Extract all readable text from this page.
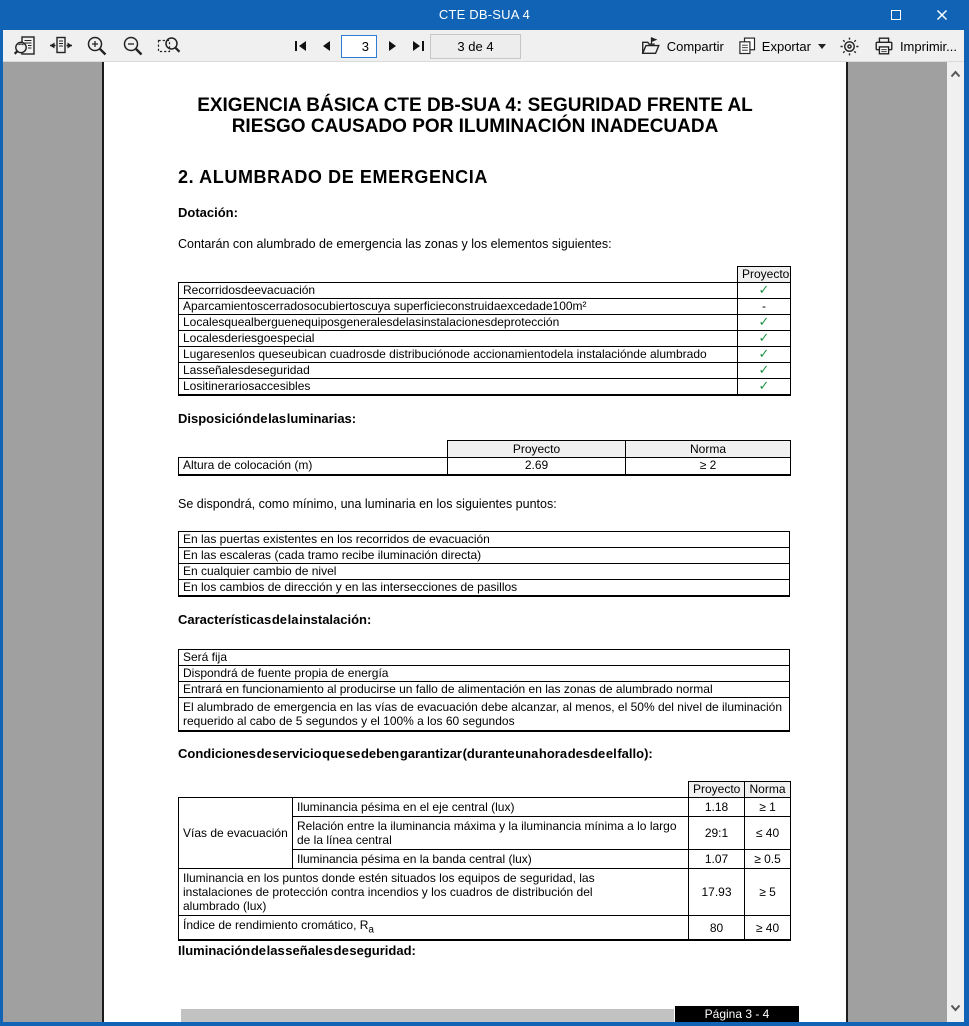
CTE DB-SUA 4
3
3 de 4	Compartir	Exportar	Imprimir...
EXIGENCIA BÁSICA CTE DB-SUA 4: SEGURIDAD FRENTE AL RIESGO CAUSADO POR ILUMINACIÓN INADECUADA
2. ALUMBRADO DE EMERGENCIA
Dotación:
Contarán con alumbrado de emergencia las zonas y los elementos siguientes:
	Proyecto
Recorridosdeevacuación	✓
Aparcamientoscerradosocubiertoscuya superficieconstruidaexcedade100m²	-
Localesquealberguenequiposgeneralesdelasinstalacionesdeprotección	✓
Localesderiesgoespecial	✓
Lugaresenlos queseubican cuadrosde distribuciónode accionamientodela instalaciónde alumbrado	✓
Lasseñalesdeseguridad	✓
Lositinerariosaccesibles	✓
Disposición de las luminarias:
	Proyecto	Norma
Altura de colocación (m)	2.69	≥ 2
Se dispondrá, como mínimo, una luminaria en los siguientes puntos:
En las puertas existentes en los recorridos de evacuación
En las escaleras (cada tramo recibe iluminación directa)
En cualquier cambio de nivel
En los cambios de dirección y en las intersecciones de pasillos
Características de la instalación:
Será fija
Dispondrá de fuente propia de energía
Entrará en funcionamiento al producirse un fallo de alimentación en las zonas de alumbrado normal
El alumbrado de emergencia en las vías de evacuación debe alcanzar, al menos, el 50% del nivel de iluminación requerido al cabo de 5 segundos y el 100% a los 60 segundos
Condiciones de servicio que se deben garantizar (durante una hora desde el fallo):
		Proyecto	Norma
Vías de evacuación	Iluminancia pésima en el eje central (lux)	1.18	≥ 1
	Relación entre la iluminancia máxima y la iluminancia mínima a lo largo de la línea central	29:1	≤ 40
	Iluminancia pésima en la banda central (lux)	1.07	≥ 0.5
Iluminancia en los puntos donde estén situados los equipos de seguridad, las instalaciones de protección contra incendios y los cuadros de distribución del alumbrado (lux)		17.93	≥ 5
Índice de rendimiento cromático, $R_a$		80	≥ 40
Iluminación de las señales de seguridad:
Página 3 - 4
